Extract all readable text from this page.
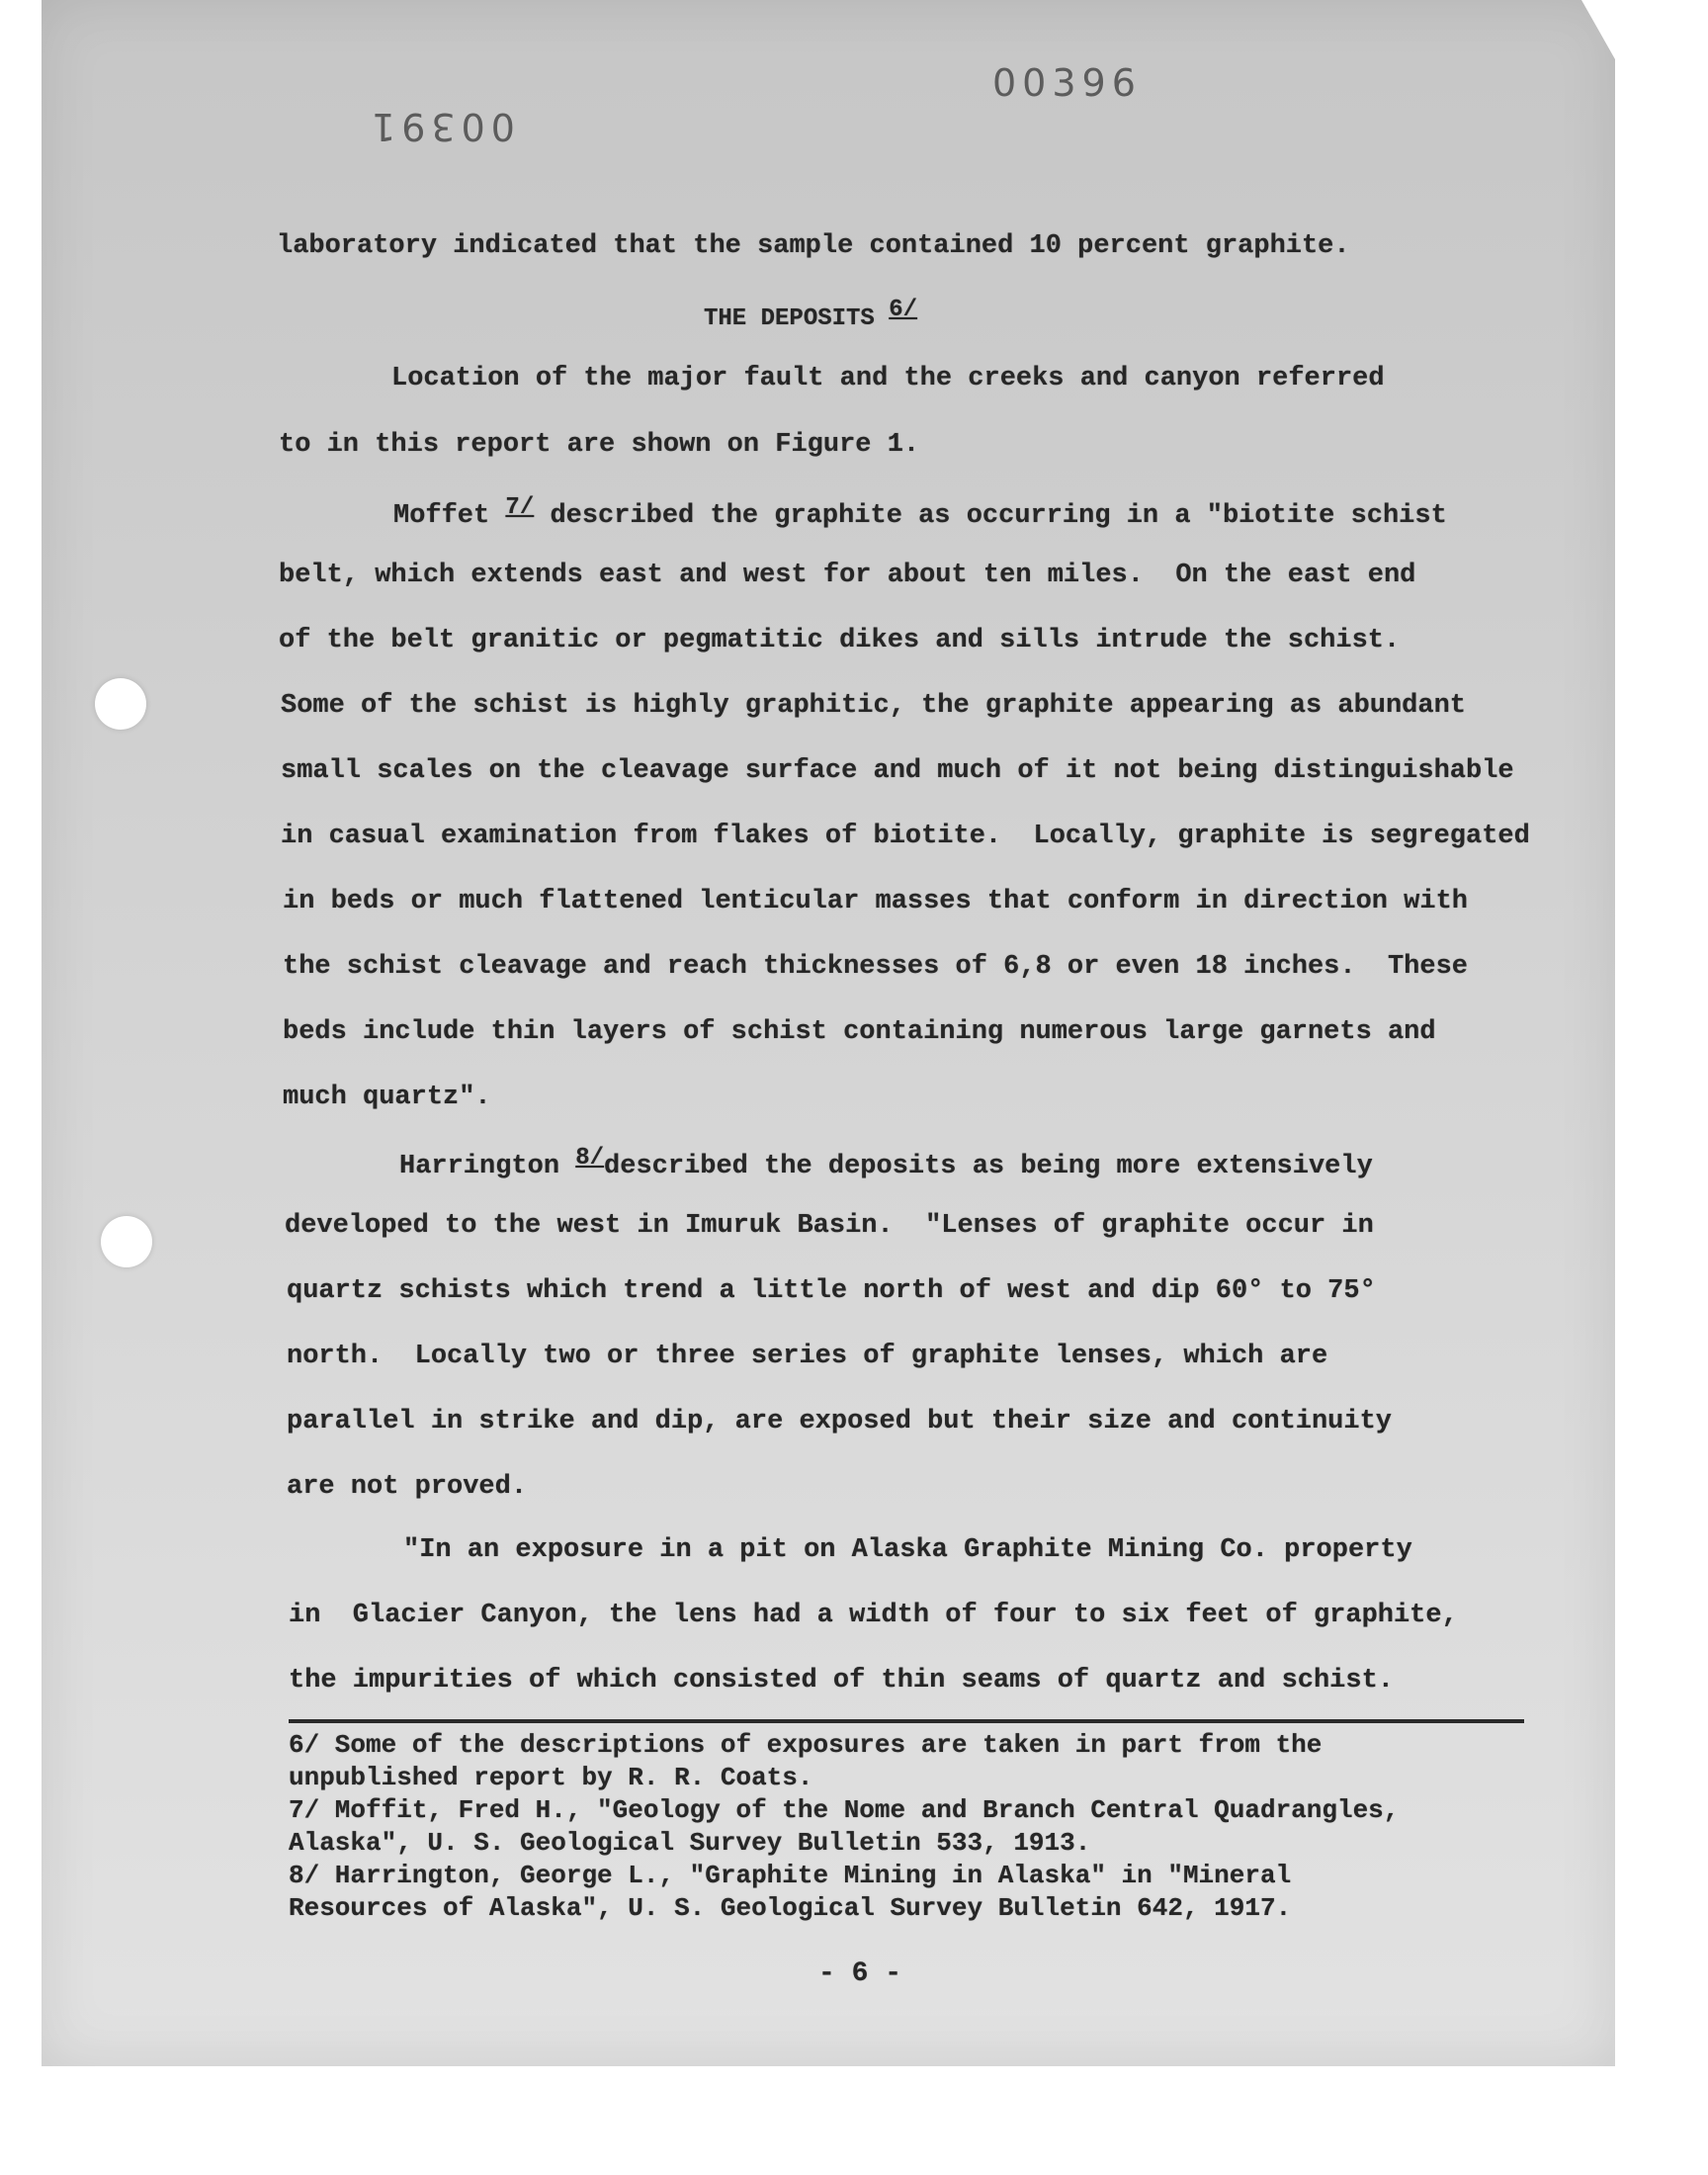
00391
00396
laboratory indicated that the sample contained 10 percent graphite.
THE DEPOSITS 6/
Location of the major fault and the creeks and canyon referred
to in this report are shown on Figure 1.
Moffet 7/ described the graphite as occurring in a "biotite schist
belt, which extends east and west for about ten miles.  On the east end
of the belt granitic or pegmatitic dikes and sills intrude the schist.
Some of the schist is highly graphitic, the graphite appearing as abundant
small scales on the cleavage surface and much of it not being distinguishable
in casual examination from flakes of biotite.  Locally, graphite is segregated
in beds or much flattened lenticular masses that conform in direction with
the schist cleavage and reach thicknesses of 6,8 or even 18 inches.  These
beds include thin layers of schist containing numerous large garnets and
much quartz".
Harrington 8/described the deposits as being more extensively
developed to the west in Imuruk Basin.  "Lenses of graphite occur in
quartz schists which trend a little north of west and dip 60° to 75°
north.  Locally two or three series of graphite lenses, which are
parallel in strike and dip, are exposed but their size and continuity
are not proved.
"In an exposure in a pit on Alaska Graphite Mining Co. property
in  Glacier Canyon, the lens had a width of four to six feet of graphite,
the impurities of which consisted of thin seams of quartz and schist.
6/ Some of the descriptions of exposures are taken in part from the
unpublished report by R. R. Coats.
7/ Moffit, Fred H., "Geology of the Nome and Branch Central Quadrangles,
Alaska", U. S. Geological Survey Bulletin 533, 1913.
8/ Harrington, George L., "Graphite Mining in Alaska" in "Mineral
Resources of Alaska", U. S. Geological Survey Bulletin 642, 1917.
- 6 -
